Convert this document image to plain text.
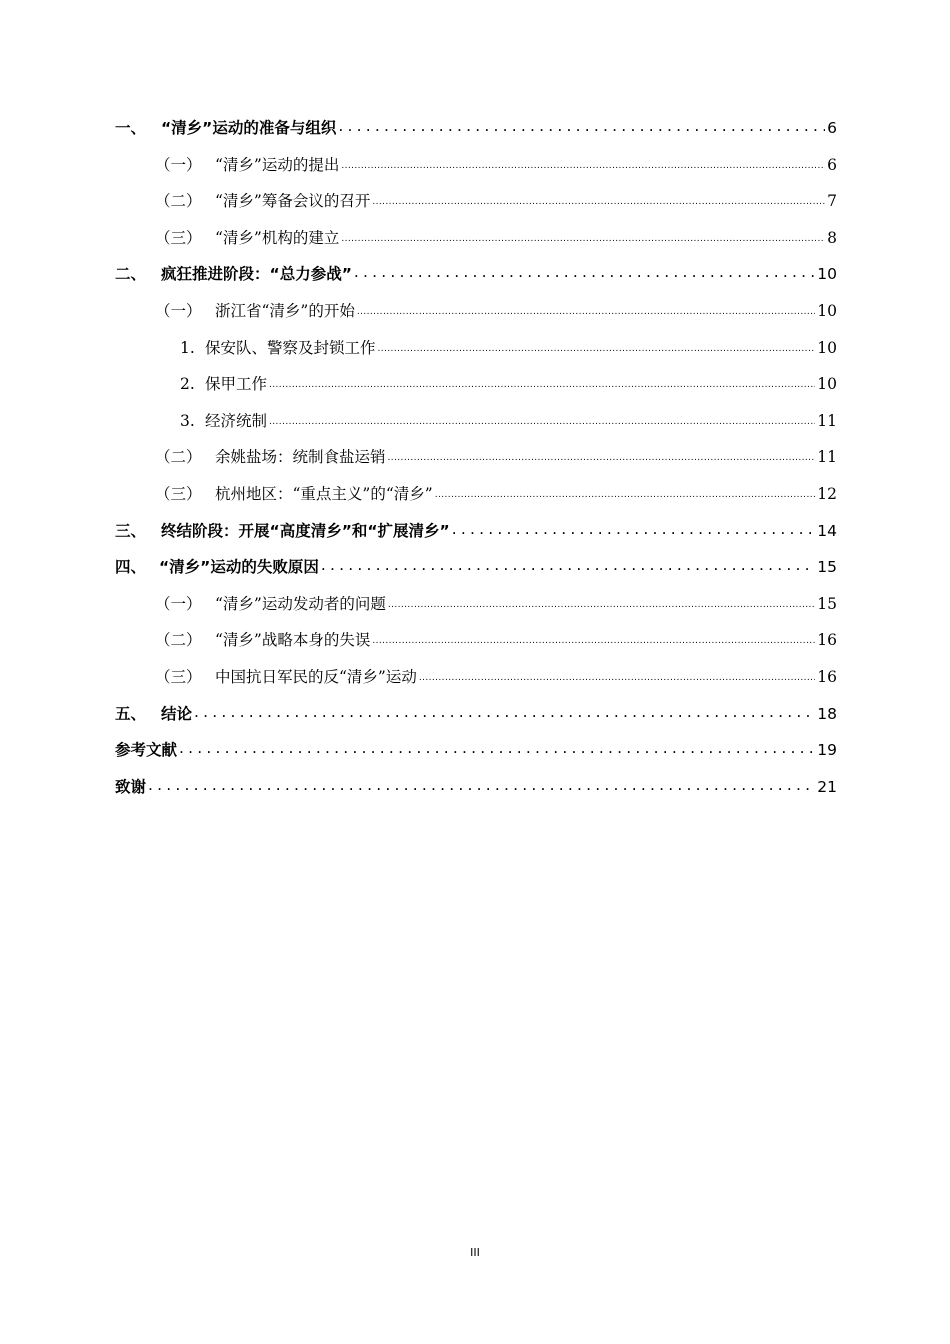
一、 “清乡”运动的准备与组织 .....	6
（一） “清乡”运动的提出 .....	6
（二） “清乡”筹备会议的召开 .....	7
（三） “清乡”机构的建立 .....	8
二、 疯狂推进阶段：“总力参战” .....	10
（一） 浙江省“清乡”的开始 .....	10
1. 保安队、警察及封锁工作 .....	10
2. 保甲工作 .....	10
3. 经济统制 .....	11
（二） 余姚盐场：统制食盐运销 .....	11
（三） 杭州地区：“重点主义”的“清乡” .....	12
三、 终结阶段：开展“高度清乡”和“扩展清乡” .....	14
四、 “清乡”运动的失败原因 .....	15
（一） “清乡”运动发动者的问题 .....	15
（二） “清乡”战略本身的失误 .....	16
（三） 中国抗日军民的反“清乡”运动 .....	16
五、 结论 .....	18
参考文献 .....	19
致谢 .....	21
III
